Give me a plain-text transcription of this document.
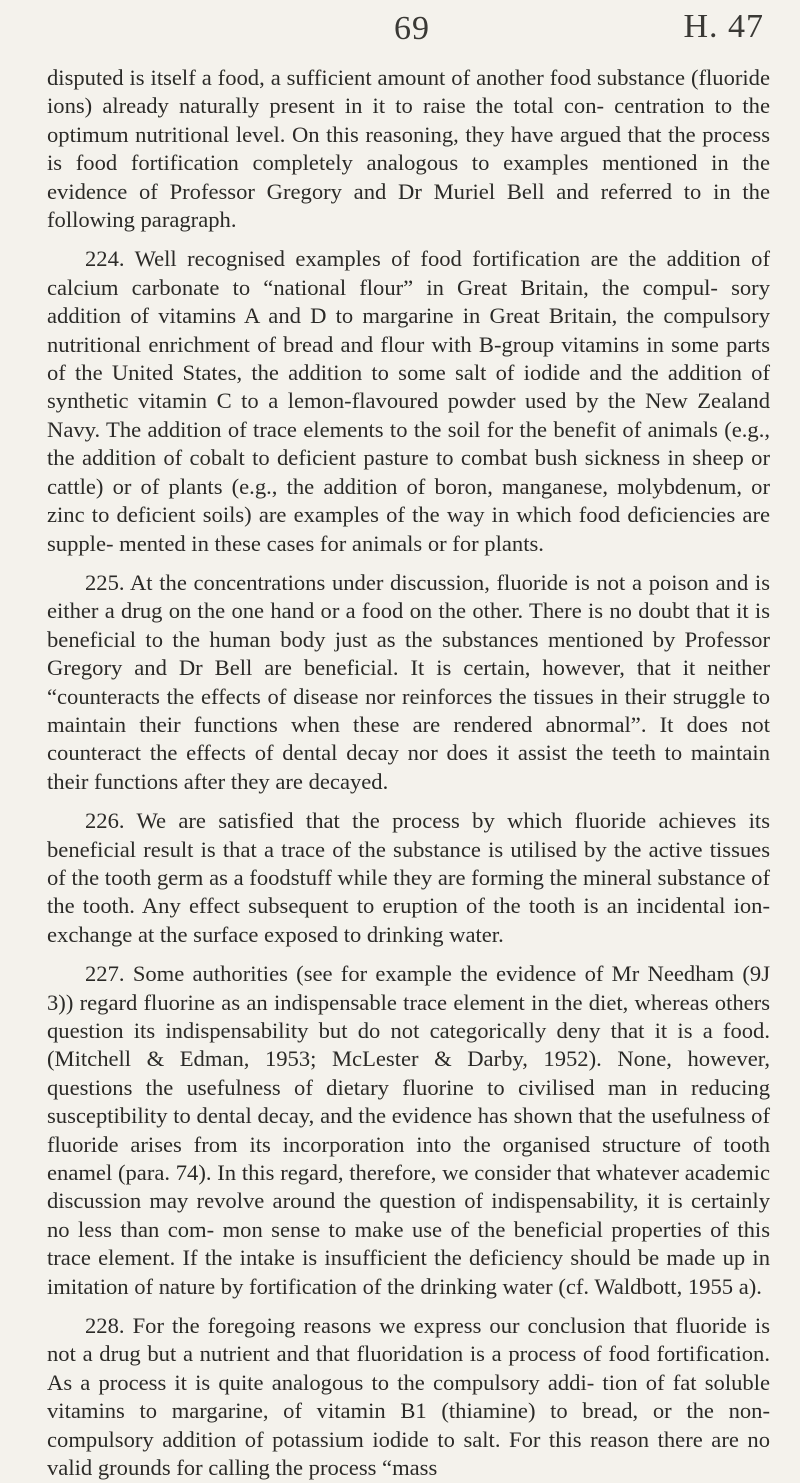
69	H. 47

disputed is itself a food, a sufficient amount of another food substance (fluoride ions) already naturally present in it to raise the total con- centration to the optimum nutritional level. On this reasoning, they have argued that the process is food fortification completely analogous to examples mentioned in the evidence of Professor Gregory and Dr Muriel Bell and referred to in the following paragraph.

224. Well recognised examples of food fortification are the addition of calcium carbonate to “national flour” in Great Britain, the compul- sory addition of vitamins A and D to margarine in Great Britain, the compulsory nutritional enrichment of bread and flour with B-group vitamins in some parts of the United States, the addition to some salt of iodide and the addition of synthetic vitamin C to a lemon-flavoured powder used by the New Zealand Navy. The addition of trace elements to the soil for the benefit of animals (e.g., the addition of cobalt to deficient pasture to combat bush sickness in sheep or cattle) or of plants (e.g., the addition of boron, manganese, molybdenum, or zinc to deficient soils) are examples of the way in which food deficiencies are supple- mented in these cases for animals or for plants.

225. At the concentrations under discussion, fluoride is not a poison and is either a drug on the one hand or a food on the other. There is no doubt that it is beneficial to the human body just as the substances mentioned by Professor Gregory and Dr Bell are beneficial. It is certain, however, that it neither “counteracts the effects of disease nor reinforces the tissues in their struggle to maintain their functions when these are rendered abnormal”. It does not counteract the effects of dental decay nor does it assist the teeth to maintain their functions after they are decayed.

226. We are satisfied that the process by which fluoride achieves its beneficial result is that a trace of the substance is utilised by the active tissues of the tooth germ as a foodstuff while they are forming the mineral substance of the tooth. Any effect subsequent to eruption of the tooth is an incidental ion-exchange at the surface exposed to drinking water.

227. Some authorities (see for example the evidence of Mr Needham (9J 3)) regard fluorine as an indispensable trace element in the diet, whereas others question its indispensability but do not categorically deny that it is a food. (Mitchell & Edman, 1953; McLester & Darby, 1952). None, however, questions the usefulness of dietary fluorine to civilised man in reducing susceptibility to dental decay, and the evidence has shown that the usefulness of fluoride arises from its incorporation into the organised structure of tooth enamel (para. 74). In this regard, therefore, we consider that whatever academic discussion may revolve around the question of indispensability, it is certainly no less than com- mon sense to make use of the beneficial properties of this trace element. If the intake is insufficient the deficiency should be made up in imitation of nature by fortification of the drinking water (cf. Waldbott, 1955 a).

228. For the foregoing reasons we express our conclusion that fluoride is not a drug but a nutrient and that fluoridation is a process of food fortification. As a process it is quite analogous to the compulsory addi- tion of fat soluble vitamins to margarine, of vitamin B1 (thiamine) to bread, or the non-compulsory addition of potassium iodide to salt. For this reason there are no valid grounds for calling the process “mass
